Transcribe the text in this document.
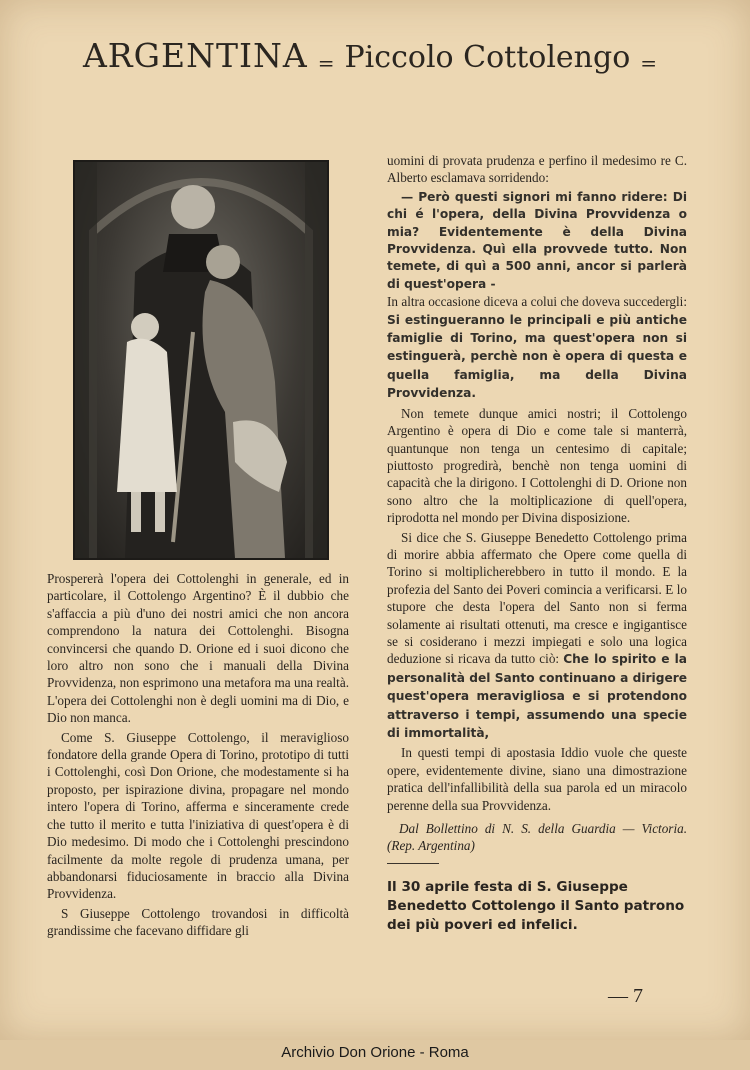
ARGENTINA = Piccolo Cottolengo =

Prospererà l'opera dei Cottolenghi in generale, ed in particolare, il Cottolengo Argentino? È il dubbio che s'affaccia a più d'uno dei nostri amici che non ancora comprendono la natura dei Cottolenghi. Bisogna convincersi che quando D. Orione ed i suoi dicono che loro altro non sono che i manuali della Divina Provvidenza, non esprimono una metafora ma una realtà. L'opera dei Cottolenghi non è degli uomini ma di Dio, e Dio non manca.

Come S. Giuseppe Cottolengo, il meraviglioso fondatore della grande Opera di Torino, prototipo di tutti i Cottolenghi, così Don Orione, che modestamente si ha proposto, per ispirazione divina, propagare nel mondo intero l'opera di Torino, afferma e sinceramente crede che tutto il merito e tutta l'iniziativa di quest'opera è di Dio medesimo. Di modo che i Cottolenghi prescindono facilmente da molte regole di prudenza umana, per abbandonarsi fiduciosamente in braccio alla Divina Provvidenza.

S Giuseppe Cottolengo trovandosi in difficoltà grandissime che facevano diffidare gli

uomini di provata prudenza e perfino il medesimo re C. Alberto esclamava sorridendo:

— Però questi signori mi fanno ridere: Di chi é l'opera, della Divina Provvidenza o mia? Evidentemente è della Divina Provvidenza. Quì ella provvede tutto. Non temete, di quì a 500 anni, ancor si parlerà di quest'opera -

In altra occasione diceva a colui che doveva succedergli: Si estingueranno le principali e più antiche famiglie di Torino, ma quest'opera non si estinguerà, perchè non è opera di questa e quella famiglia, ma della Divina Provvidenza.

Non temete dunque amici nostri; il Cottolengo Argentino è opera di Dio e come tale si manterrà, quantunque non tenga un centesimo di capitale; piuttosto progredirà, benchè non tenga uomini di capacità che la dirigono. I Cottolenghi di D. Orione non sono altro che la moltiplicazione di quell'opera, riprodotta nel mondo per Divina disposizione.

Si dice che S. Giuseppe Benedetto Cottolengo prima di morire abbia affermato che Opere come quella di Torino si moltiplicherebbero in tutto il mondo. E la profezia del Santo dei Poveri comincia a verificarsi. E lo stupore che desta l'opera del Santo non si ferma solamente ai risultati ottenuti, ma cresce e ingigantisce se si cosiderano i mezzi impiegati e solo una logica deduzione si ricava da tutto ciò: Che lo spirito e la personalità del Santo continuano a dirigere quest'opera meravigliosa e si protendono attraverso i tempi, assumendo una specie di immortalità,

In questi tempi di apostasia Iddio vuole che queste opere, evidentemente divine, siano una dimostrazione pratica dell'infallibilità della sua parola ed un miracolo perenne della sua Provvidenza.

Dal Bollettino di N. S. della Guardia — Victoria. (Rep. Argentina)

Il 30 aprile festa di S. Giuseppe Benedetto Cottolengo il Santo patrono dei più poveri ed infelici.

— 7
Archivio Don Orione - Roma
